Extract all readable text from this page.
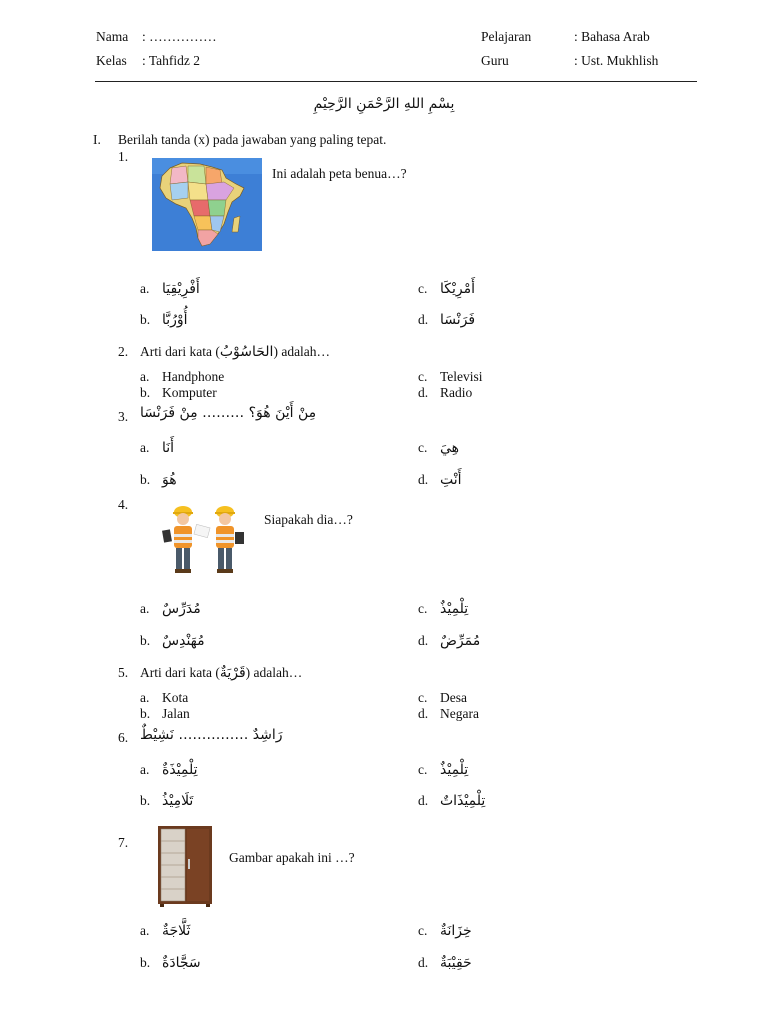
Nama : ……………
Kelas : Tahfidz 2
Pelajaran	: Bahasa Arab
Guru	: Ust. Mukhlish
بِسْمِ اللهِ الرَّحْمَنِ الرَّحِيْمِ
I. Berilah tanda (x) pada jawaban yang paling tepat.
1.
Ini adalah peta benua…?
a. أَفْرِيْقِيَا
b. أُوْرُبَّا
c. أَمْرِيْكَا
d. فَرَنْسَا
2. Arti dari kata (الحَاسُوْبُ) adalah…
a. Handphone
b. Komputer
c. Televisi
d. Radio
3. مِنْ أَيْنَ هُوَ؟ ……… مِنْ فَرَنْسَا
a. أَنَا
b. هُوَ
c. هِيَ
d. أَنْتِ
4.
Siapakah dia…?
a. مُدَرِّسٌ
b. مُهَنْدِسٌ
c. تِلْمِيْذٌ
d. مُمَرِّضٌ
5. Arti dari kata (قَرْيَةٌ) adalah…
a. Kota
b. Jalan
c. Desa
d. Negara
6. رَاشِدٌ …………… نَشِيْطٌ
a. تِلْمِيْذَةٌ
b. تَلَامِيْذُ
c. تِلْمِيْذٌ
d. تِلْمِيْذَاتٌ
7.
Gambar apakah ini …?
a. ثَلَّاجَةٌ
b. سَجَّادَةٌ
c. خِزَانَةٌ
d. حَقِيْبَةٌ
